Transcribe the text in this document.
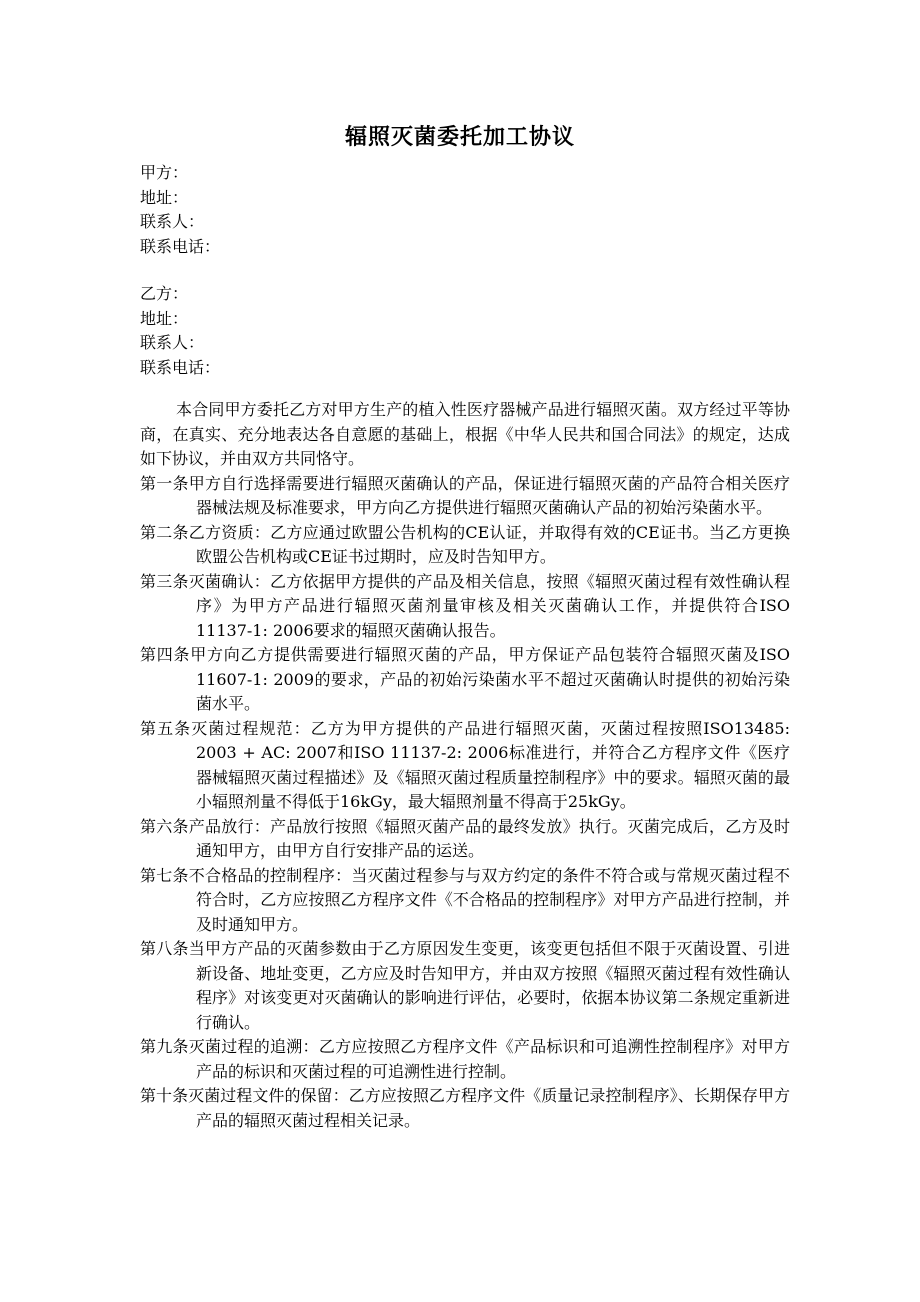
辐照灭菌委托加工协议
甲方：
地址：
联系人：
联系电话：
乙方：
地址：
联系人：
联系电话：

本合同甲方委托乙方对甲方生产的植入性医疗器械产品进行辐照灭菌。双方经过平等协商，在真实、充分地表达各自意愿的基础上，根据《中华人民共和国合同法》的规定，达成如下协议，并由双方共同恪守。

第一条甲方自行选择需要进行辐照灭菌确认的产品，保证进行辐照灭菌的产品符合相关医疗器械法规及标准要求，甲方向乙方提供进行辐照灭菌确认产品的初始污染菌水平。

第二条乙方资质：乙方应通过欧盟公告机构的CE认证，并取得有效的CE证书。当乙方更换欧盟公告机构或CE证书过期时，应及时告知甲方。

第三条灭菌确认：乙方依据甲方提供的产品及相关信息，按照《辐照灭菌过程有效性确认程序》为甲方产品进行辐照灭菌剂量审核及相关灭菌确认工作，并提供符合ISO 11137-1: 2006要求的辐照灭菌确认报告。

第四条甲方向乙方提供需要进行辐照灭菌的产品，甲方保证产品包装符合辐照灭菌及ISO 11607-1: 2009的要求，产品的初始污染菌水平不超过灭菌确认时提供的初始污染菌水平。

第五条灭菌过程规范：乙方为甲方提供的产品进行辐照灭菌，灭菌过程按照ISO13485: 2003 + AC: 2007和ISO 11137-2: 2006标准进行，并符合乙方程序文件《医疗器械辐照灭菌过程描述》及《辐照灭菌过程质量控制程序》中的要求。辐照灭菌的最小辐照剂量不得低于16kGy，最大辐照剂量不得高于25kGy。

第六条产品放行：产品放行按照《辐照灭菌产品的最终发放》执行。灭菌完成后，乙方及时通知甲方，由甲方自行安排产品的运送。

第七条不合格品的控制程序：当灭菌过程参与与双方约定的条件不符合或与常规灭菌过程不符合时，乙方应按照乙方程序文件《不合格品的控制程序》对甲方产品进行控制，并及时通知甲方。

第八条当甲方产品的灭菌参数由于乙方原因发生变更，该变更包括但不限于灭菌设置、引进新设备、地址变更，乙方应及时告知甲方，并由双方按照《辐照灭菌过程有效性确认程序》对该变更对灭菌确认的影响进行评估，必要时，依据本协议第二条规定重新进行确认。

第九条灭菌过程的追溯：乙方应按照乙方程序文件《产品标识和可追溯性控制程序》对甲方产品的标识和灭菌过程的可追溯性进行控制。

第十条灭菌过程文件的保留：乙方应按照乙方程序文件《质量记录控制程序》、长期保存甲方产品的辐照灭菌过程相关记录。
